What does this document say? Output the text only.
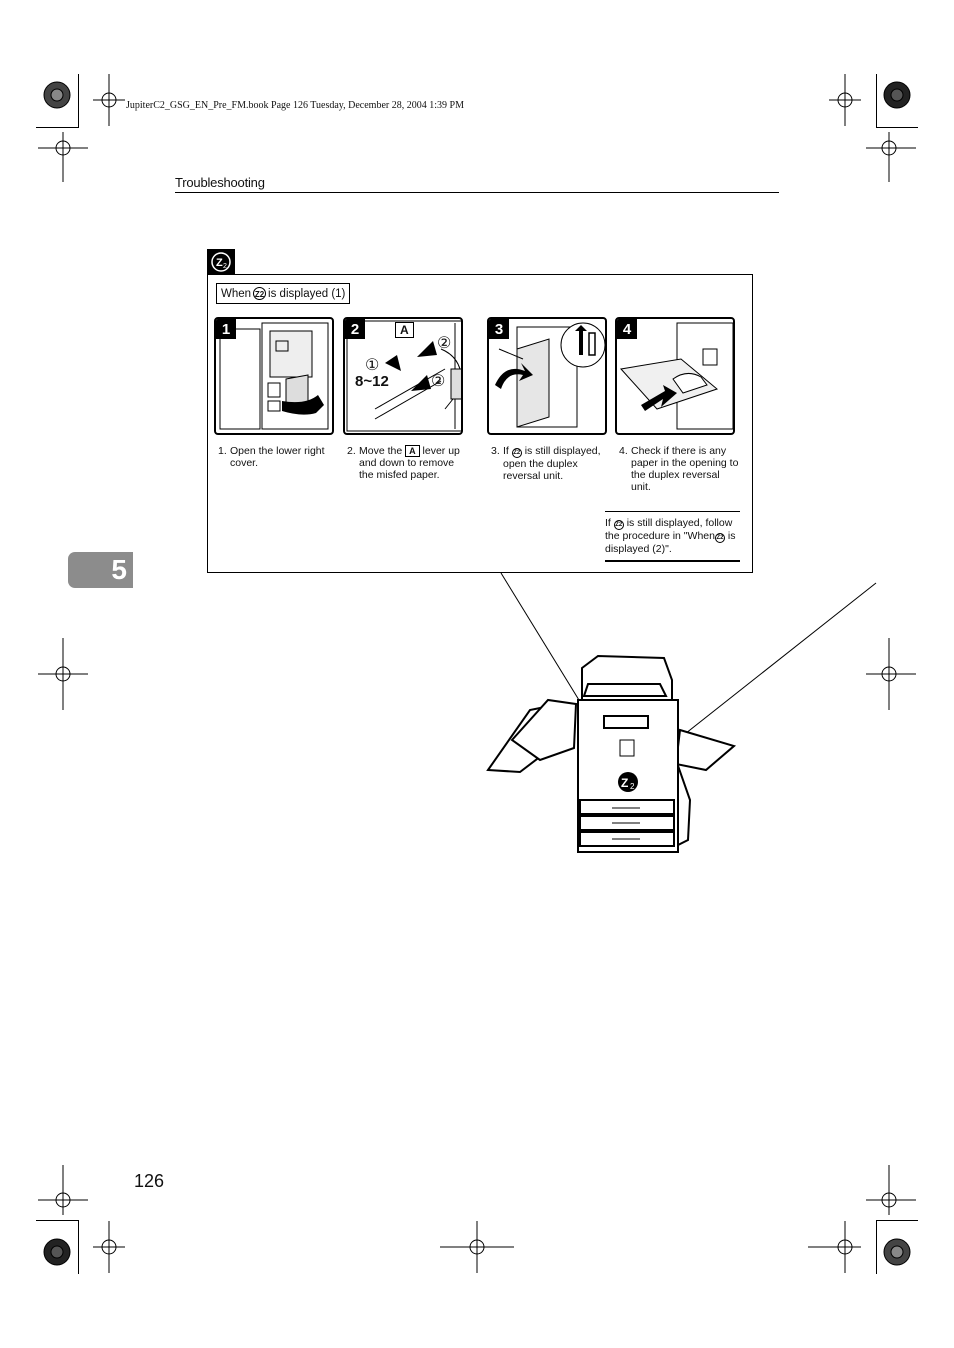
JupiterC2_GSG_EN_Pre_FM.book Page 126 Tuesday, December 28, 2004 1:39 PM
Troubleshooting
5
Z 2
When Z2 is displayed (1)
1	2	A
①
②
②
8~12
3	4
1. Open the lower right cover.
2. Move the A lever up and down to remove the misfed paper.
3. If Z2 is still displayed, open the duplex reversal unit.
4. Check if there is any paper in the opening to the duplex reversal unit.
If Z2 is still displayed, follow the procedure in "WhenZ2 is displayed (2)".
Z 2
126
